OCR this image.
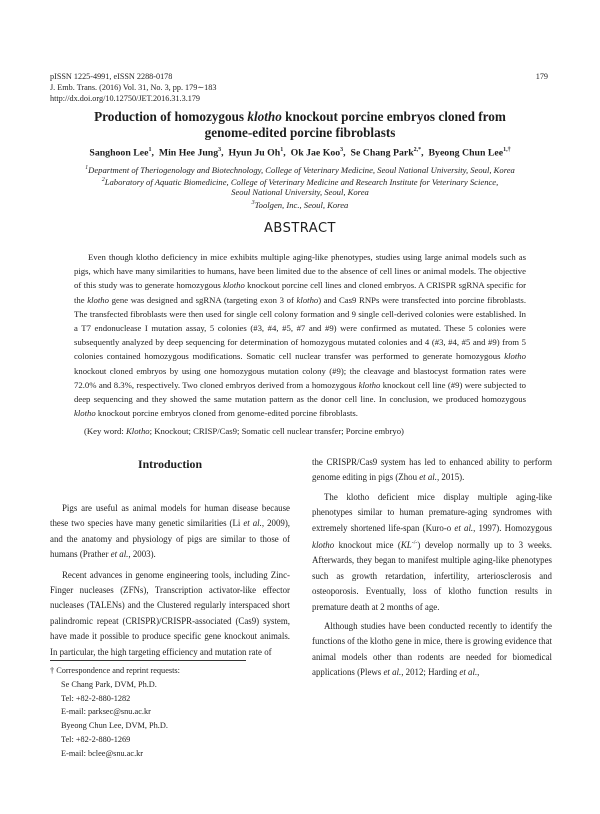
pISSN 1225-4991, eISSN 2288-0178
J. Emb. Trans. (2016) Vol. 31, No. 3, pp. 179∼183
http://dx.doi.org/10.12750/JET.2016.31.3.179
179
Production of homozygous klotho knockout porcine embryos cloned from
genome-edited porcine fibroblasts
Sanghoon Lee$^1$,  Min Hee Jung$^3$,  Hyun Ju Oh$^1$,  Ok Jae Koo$^3$,  Se Chang Park$^{2,*}$,  Byeong Chun Lee$^{1,\dagger}$
$^1$Department of Theriogenology and Biotechnology, College of Veterinary Medicine, Seoul National University, Seoul, Korea
$^2$Laboratory of Aquatic Biomedicine, College of Veterinary Medicine and Research Institute for Veterinary Science,
Seoul National University, Seoul, Korea
$^3$Toolgen, Inc., Seoul, Korea
ABSTRACT

Even though klotho deficiency in mice exhibits multiple aging-like phenotypes, studies using large animal models such as pigs, which have many similarities to humans, have been limited due to the absence of cell lines or animal models. The objective of this study was to generate homozygous klotho knockout porcine cell lines and cloned embryos. A CRISPR sgRNA specific for the klotho gene was designed and sgRNA (targeting exon 3 of klotho) and Cas9 RNPs were transfected into porcine fibroblasts. The transfected fibroblasts were then used for single cell colony formation and 9 single cell‑derived colonies were established. In a T7 endonuclease I mutation assay, 5 colonies (#3, #4, #5, #7 and #9) were confirmed as mutated. These 5 colonies were subsequently analyzed by deep sequencing for determination of homozygous mutated colonies and 4 (#3, #4, #5 and #9) from 5 colonies contained homozygous modifications. Somatic cell nuclear transfer was performed to generate homozygous klotho knockout cloned embryos by using one homozygous mutation colony (#9); the cleavage and blastocyst formation rates were 72.0% and 8.3%, respectively. Two cloned embryos derived from a homozygous klotho knockout cell line (#9) were subjected to deep sequencing and they showed the same mutation pattern as the donor cell line. In conclusion, we produced homozygous klotho knockout porcine embryos cloned from genome-edited porcine fibroblasts.

(Key word: Klotho; Knockout; CRISP/Cas9; Somatic cell nuclear transfer; Porcine embryo)
Introduction

Pigs are useful as animal models for human disease because these two species have many genetic similarities (Li et al., 2009), and the anatomy and physiology of pigs are similar to those of humans (Prather et al., 2003).

Recent advances in genome engineering tools, including Zinc-Finger nucleases (ZFNs), Transcription activator-like effector nucleases (TALENs) and the Clustered regularly interspaced short palindromic repeat (CRISPR)/CRISPR-associated (Cas9) system, have made it possible to produce specific gene knockout animals. In particular, the high targeting efficiency and mutation rate of

the CRISPR/Cas9 system has led to enhanced ability to perform genome editing in pigs (Zhou et al., 2015).

The klotho deficient mice display multiple aging-like phenotypes similar to human premature-aging syndromes with extremely shortened life-span (Kuro-o et al., 1997). Homozygous klotho knockout mice (KL-/-) develop normally up to 3 weeks. Afterwards, they began to manifest multiple aging-like phenotypes such as growth retardation, infertility, arteriosclerosis and osteoporosis. Eventually, loss of klotho function results in premature death at 2 months of age.

Although studies have been conducted recently to identify the functions of the klotho gene in mice, there is growing evidence that animal models other than rodents are needed for biomedical applications (Plews et al., 2012; Harding et al.,

† Correspondence and reprint requests:
Se Chang Park, DVM, Ph.D.
Tel: +82-2-880-1282
E-mail: parksec@snu.ac.kr
Byeong Chun Lee, DVM, Ph.D.
Tel: +82-2-880-1269
E-mail: bclee@snu.ac.kr
